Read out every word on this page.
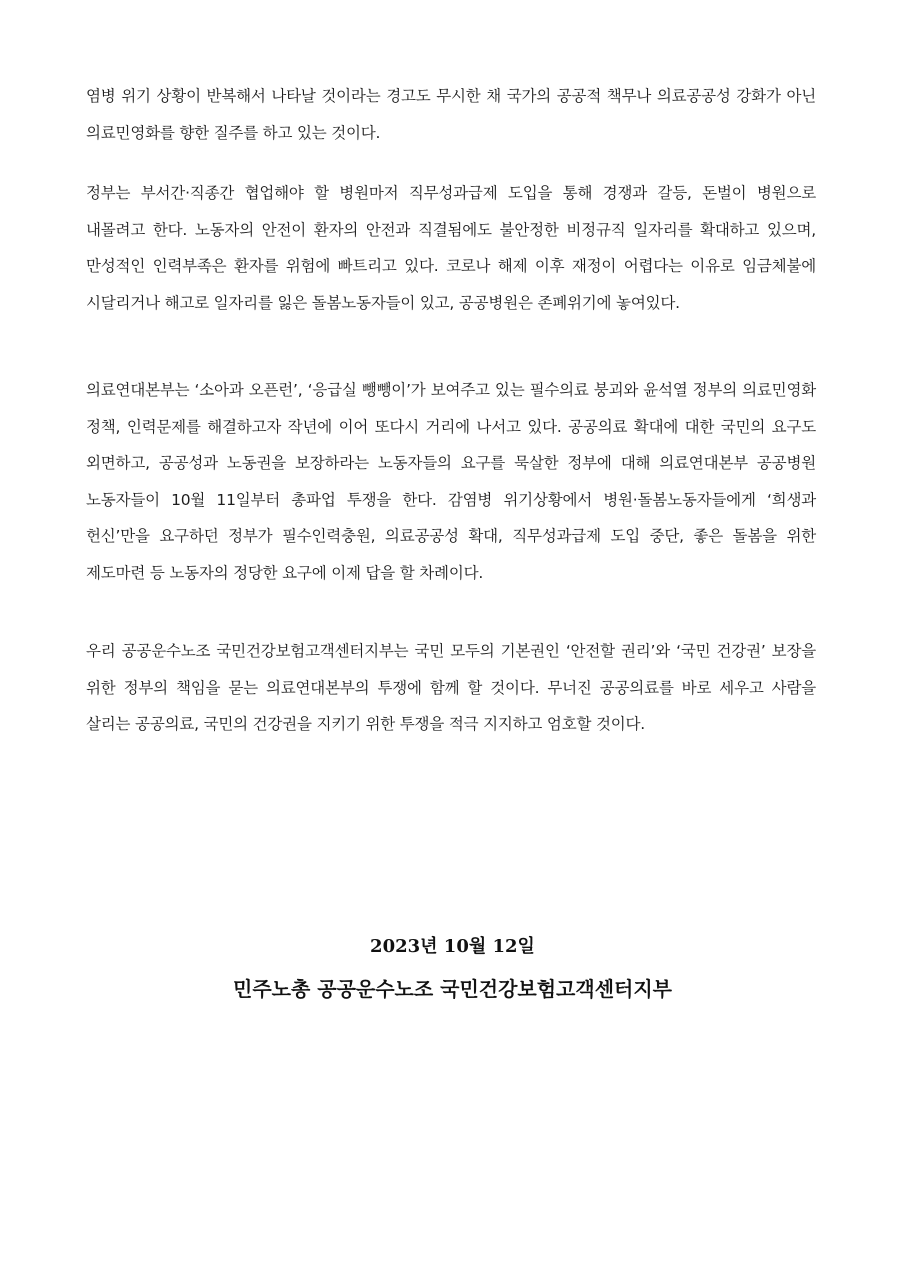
염병 위기 상황이 반복해서 나타날 것이라는 경고도 무시한 채 국가의 공공적 책무나 의료공공성 강화가 아닌 의료민영화를 향한 질주를 하고 있는 것이다.

정부는 부서간·직종간 협업해야 할 병원마저 직무성과급제 도입을 통해 경쟁과 갈등, 돈벌이 병원으로 내몰려고 한다. 노동자의 안전이 환자의 안전과 직결됨에도 불안정한 비정규직 일자리를 확대하고 있으며, 만성적인 인력부족은 환자를 위험에 빠트리고 있다. 코로나 해제 이후 재정이 어렵다는 이유로 임금체불에 시달리거나 해고로 일자리를 잃은 돌봄노동자들이 있고, 공공병원은 존폐위기에 놓여있다.

의료연대본부는 ‘소아과 오픈런’, ‘응급실 뺑뺑이’가 보여주고 있는 필수의료 붕괴와 윤석열 정부의 의료민영화 정책, 인력문제를 해결하고자 작년에 이어 또다시 거리에 나서고 있다. 공공의료 확대에 대한 국민의 요구도 외면하고, 공공성과 노동권을 보장하라는 노동자들의 요구를 묵살한 정부에 대해 의료연대본부 공공병원 노동자들이 10월 11일부터 총파업 투쟁을 한다. 감염병 위기상황에서 병원·돌봄노동자들에게 ‘희생과 헌신’만을 요구하던 정부가 필수인력충원, 의료공공성 확대, 직무성과급제 도입 중단, 좋은 돌봄을 위한 제도마련 등 노동자의 정당한 요구에 이제 답을 할 차례이다.

우리 공공운수노조 국민건강보험고객센터지부는 국민 모두의 기본권인 ‘안전할 권리’와 ‘국민 건강권’ 보장을 위한 정부의 책임을 묻는 의료연대본부의 투쟁에 함께 할 것이다. 무너진 공공의료를 바로 세우고 사람을 살리는 공공의료, 국민의 건강권을 지키기 위한 투쟁을 적극 지지하고 엄호할 것이다.

2023년 10월 12일

민주노총 공공운수노조 국민건강보험고객센터지부
